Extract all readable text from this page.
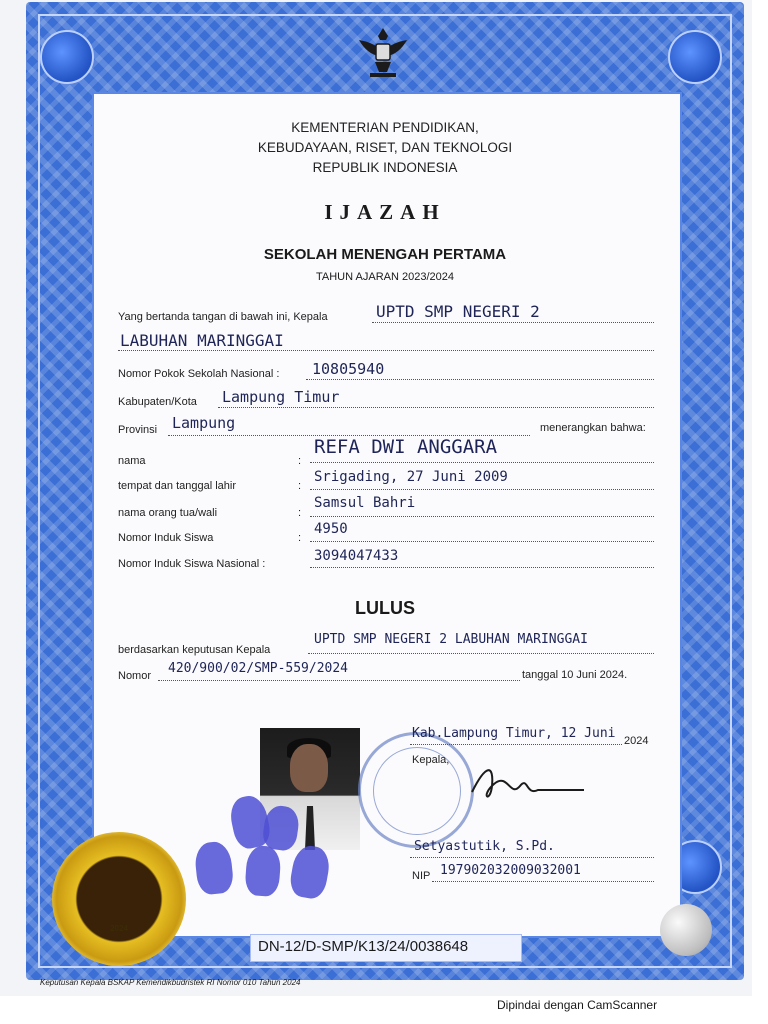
KEMENTERIAN PENDIDIKAN,
KEBUDAYAAN, RISET, DAN TEKNOLOGI
REPUBLIK INDONESIA
IJAZAH
SEKOLAH MENENGAH PERTAMA
TAHUN AJARAN 2023/2024
Yang bertanda tangan di bawah ini, Kepala	UPTD SMP NEGERI 2
LABUHAN MARINGGAI
Nomor Pokok Sekolah Nasional : 10805940
Kabupaten/Kota Lampung Timur
Provinsi Lampung	menerangkan bahwa:
nama	:
REFA DWI ANGGARA
tempat dan tanggal lahir	:
Srigading, 27 Juni 2009
nama orang tua/wali	:
Samsul Bahri
Nomor Induk Siswa	:
4950
Nomor Induk Siswa Nasional :	3094047433
LULUS
berdasarkan keputusan Kepala
UPTD SMP NEGERI 2 LABUHAN MARINGGAI
Nomor 420/900/02/SMP-559/2024	tanggal 10 Juni 2024.
Kab.Lampung Timur, 12 Juni 2024
Kepala,
Setyastutik, S.Pd.
NIP 197902032009032001
2024
DN-12/D-SMP/K13/24/0038648
Keputusan Kepala BSKAP Kemendikbudristek RI Nomor 010 Tahun 2024
Dipindai dengan CamScanner
